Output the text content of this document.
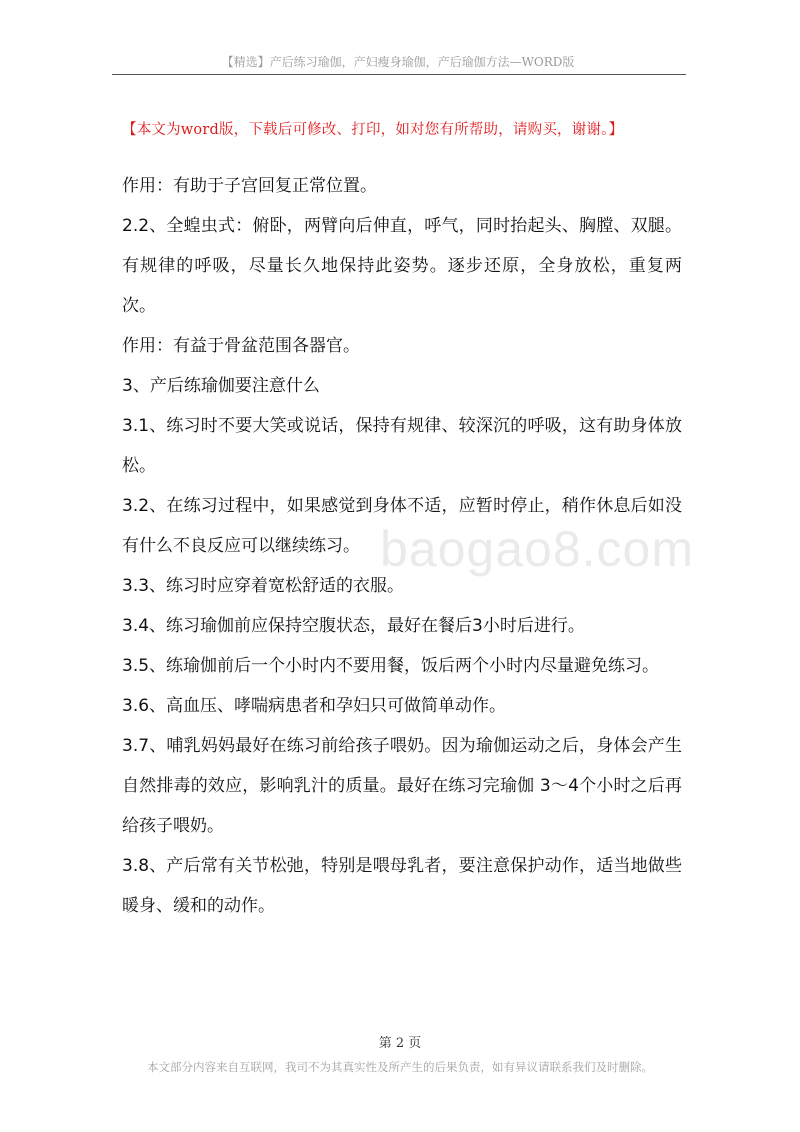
【精选】产后练习瑜伽，产妇瘦身瑜伽，产后瑜伽方法—WORD版
【本文为word版，下载后可修改、打印，如对您有所帮助，请购买，谢谢。】

作用：有助于子宫回复正常位置。

2.2、全蝗虫式：俯卧，两臂向后伸直，呼气，同时抬起头、胸膛、双腿。有规律的呼吸，尽量长久地保持此姿势。逐步还原，全身放松，重复两次。

作用：有益于骨盆范围各器官。

3、产后练瑜伽要注意什么

3.1、练习时不要大笑或说话，保持有规律、较深沉的呼吸，这有助身体放松。

3.2、在练习过程中，如果感觉到身体不适，应暂时停止，稍作休息后如没有什么不良反应可以继续练习。

3.3、练习时应穿着宽松舒适的衣服。

3.4、练习瑜伽前应保持空腹状态，最好在餐后3小时后进行。

3.5、练瑜伽前后一个小时内不要用餐，饭后两个小时内尽量避免练习。

3.6、高血压、哮喘病患者和孕妇只可做简单动作。

3.7、哺乳妈妈最好在练习前给孩子喂奶。因为瑜伽运动之后，身体会产生自然排毒的效应，影响乳汁的质量。最好在练习完瑜伽 3～4个小时之后再给孩子喂奶。

3.8、产后常有关节松弛，特别是喂母乳者，要注意保护动作，适当地做些暖身、缓和的动作。

baogao8.com
第 2 页
本文部分内容来自互联网，我司不为其真实性及所产生的后果负责，如有异议请联系我们及时删除。
